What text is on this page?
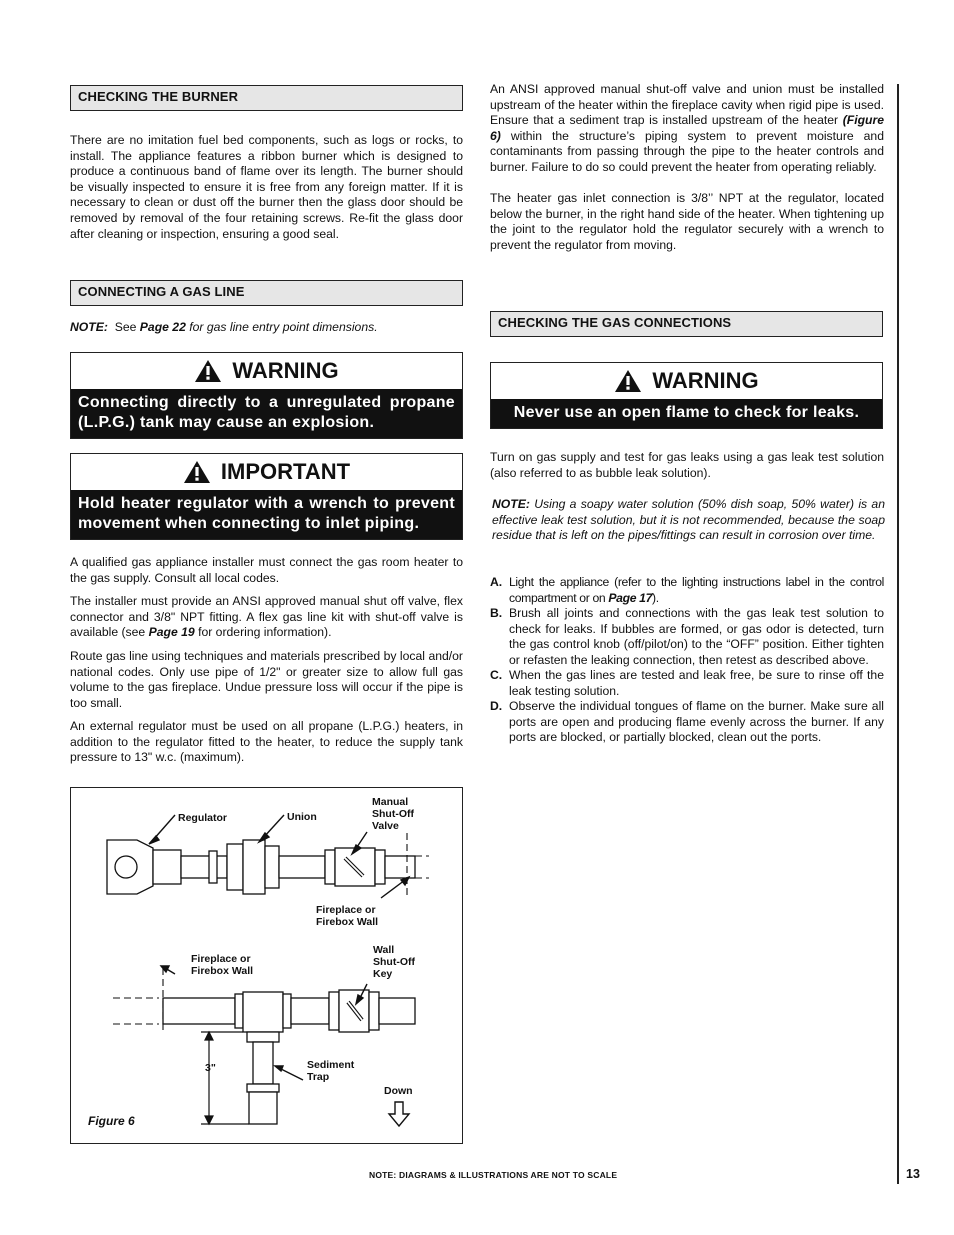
CHECKING THE BURNER
There are no imitation fuel bed components, such as logs or rocks, to install. The appliance features a ribbon burner which is designed to produce a continuous band of flame over its length. The burner should be visually inspected to ensure it is free from any foreign matter. If it is necessary to clean or dust off the burner then the glass door should be removed by removal of the four retaining screws. Re-fit the glass door after cleaning or inspection, ensuring a good seal.
CONNECTING A GAS LINE
NOTE: See Page 22 for gas line entry point dimensions.
WARNING
Connecting directly to a unregulated propane (L.P.G.) tank may cause an explosion.
IMPORTANT
Hold heater regulator with a wrench to prevent movement when connecting to inlet piping.
A qualified gas appliance installer must connect the gas room heater to the gas supply. Consult all local codes.
The installer must provide an ANSI approved manual shut off valve, flex connector and 3/8" NPT fitting. A flex gas line kit with shut-off valve is available (see Page 19 for ordering information).
Route gas line using techniques and materials prescribed by local and/or national codes. Only use pipe of 1/2" or greater size to allow full gas volume to the gas fireplace. Undue pressure loss will occur if the pipe is too small.
An external regulator must be used on all propane (L.P.G.) heaters, in addition to the regulator fitted to the heater, to reduce the supply tank pressure to 13" w.c. (maximum).
Regulator	Union
Manual
Shut-Off
Valve
Fireplace or
Firebox Wall
Fireplace or
Firebox Wall
Wall
Shut-Off
Key
Sediment
Trap
Down
3"
Figure 6
An ANSI approved manual shut-off valve and union must be installed upstream of the heater within the fireplace cavity when rigid pipe is used. Ensure that a sediment trap is installed upstream of the heater (Figure 6) within the structure’s piping system to prevent moisture and contaminants from passing through the pipe to the heater controls and burner. Failure to do so could prevent the heater from operating reliably.
The heater gas inlet connection is 3/8’’ NPT at the regulator, located below the burner, in the right hand side of the heater. When tightening up the joint to the regulator hold the regulator securely with a wrench to prevent the regulator from moving.
CHECKING THE GAS CONNECTIONS
WARNING
Never use an open flame to check for leaks.
Turn on gas supply and test for gas leaks using a gas leak test solution (also referred to as bubble leak solution).
NOTE: Using a soapy water solution (50% dish soap, 50% water) is an effective leak test solution, but it is not recommended, because the soap residue that is left on the pipes/fittings can result in corrosion over time.
A. Light the appliance (refer to the lighting instructions label in the control compartment or on Page 17).
B. Brush all joints and connections with the gas leak test solution to check for leaks. If bubbles are formed, or gas odor is detected, turn the gas control knob (off/pilot/on) to the “OFF” position. Either tighten or refasten the leaking connection, then retest as described above.
C. When the gas lines are tested and leak free, be sure to rinse off the leak testing solution.
D. Observe the individual tongues of flame on the burner. Make sure all ports are open and producing flame evenly across the burner. If any ports are blocked, or partially blocked, clean out the ports.
NOTE: DIAGRAMS & ILLUSTRATIONS ARE NOT TO SCALE	13
